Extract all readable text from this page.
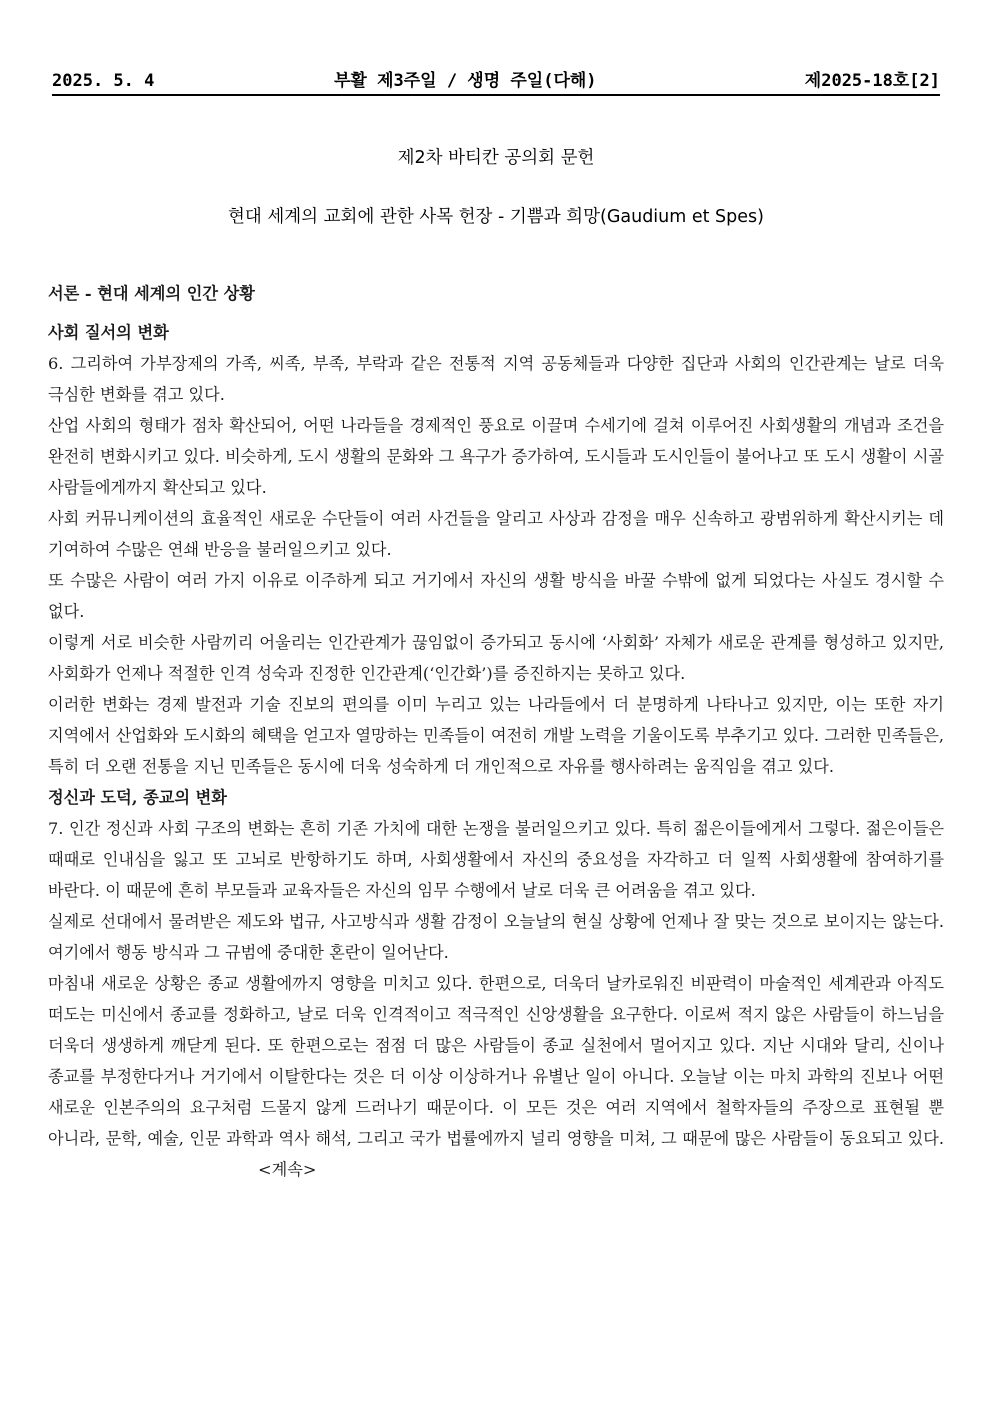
2025. 5. 4	부활 제3주일 / 생명 주일(다해)	제2025-18호[2]
제2차 바티칸 공의회 문헌
현대 세계의 교회에 관한 사목 헌장 - 기쁨과 희망(Gaudium et Spes)
서론 - 현대 세계의 인간 상황
사회 질서의 변화

6. 그리하여 가부장제의 가족, 씨족, 부족, 부락과 같은 전통적 지역 공동체들과 다양한 집단과 사회의 인간관계는 날로 더욱 극심한 변화를 겪고 있다.

산업 사회의 형태가 점차 확산되어, 어떤 나라들을 경제적인 풍요로 이끌며 수세기에 걸쳐 이루어진 사회생활의 개념과 조건을 완전히 변화시키고 있다. 비슷하게, 도시 생활의 문화와 그 욕구가 증가하여, 도시들과 도시인들이 불어나고 또 도시 생활이 시골 사람들에게까지 확산되고 있다.

사회 커뮤니케이션의 효율적인 새로운 수단들이 여러 사건들을 알리고 사상과 감정을 매우 신속하고 광범위하게 확산시키는 데 기여하여 수많은 연쇄 반응을 불러일으키고 있다.

또 수많은 사람이 여러 가지 이유로 이주하게 되고 거기에서 자신의 생활 방식을 바꿀 수밖에 없게 되었다는 사실도 경시할 수 없다.

이렇게 서로 비슷한 사람끼리 어울리는 인간관계가 끊임없이 증가되고 동시에 ‘사회화’ 자체가 새로운 관계를 형성하고 있지만, 사회화가 언제나 적절한 인격 성숙과 진정한 인간관계(‘인간화’)를 증진하지는 못하고 있다.

이러한 변화는 경제 발전과 기술 진보의 편의를 이미 누리고 있는 나라들에서 더 분명하게 나타나고 있지만, 이는 또한 자기 지역에서 산업화와 도시화의 혜택을 얻고자 열망하는 민족들이 여전히 개발 노력을 기울이도록 부추기고 있다. 그러한 민족들은, 특히 더 오랜 전통을 지닌 민족들은 동시에 더욱 성숙하게 더 개인적으로 자유를 행사하려는 움직임을 겪고 있다.

정신과 도덕, 종교의 변화

7. 인간 정신과 사회 구조의 변화는 흔히 기존 가치에 대한 논쟁을 불러일으키고 있다. 특히 젊은이들에게서 그렇다. 젊은이들은 때때로 인내심을 잃고 또 고뇌로 반항하기도 하며, 사회생활에서 자신의 중요성을 자각하고 더 일찍 사회생활에 참여하기를 바란다. 이 때문에 흔히 부모들과 교육자들은 자신의 임무 수행에서 날로 더욱 큰 어려움을 겪고 있다.

실제로 선대에서 물려받은 제도와 법규, 사고방식과 생활 감정이 오늘날의 현실 상황에 언제나 잘 맞는 것으로 보이지는 않는다. 여기에서 행동 방식과 그 규범에 중대한 혼란이 일어난다.

마침내 새로운 상황은 종교 생활에까지 영향을 미치고 있다. 한편으로, 더욱더 날카로워진 비판력이 마술적인 세계관과 아직도 떠도는 미신에서 종교를 정화하고, 날로 더욱 인격적이고 적극적인 신앙생활을 요구한다. 이로써 적지 않은 사람들이 하느님을 더욱더 생생하게 깨닫게 된다. 또 한편으로는 점점 더 많은 사람들이 종교 실천에서 멀어지고 있다. 지난 시대와 달리, 신이나 종교를 부정한다거나 거기에서 이탈한다는 것은 더 이상 이상하거나 유별난 일이 아니다. 오늘날 이는 마치 과학의 진보나 어떤 새로운 인본주의의 요구처럼 드물지 않게 드러나기 때문이다. 이 모든 것은 여러 지역에서 철학자들의 주장으로 표현될 뿐 아니라, 문학, 예술, 인문 과학과 역사 해석, 그리고 국가 법률에까지 널리 영향을 미쳐, 그 때문에 많은 사람들이 동요되고 있다.<계속>
